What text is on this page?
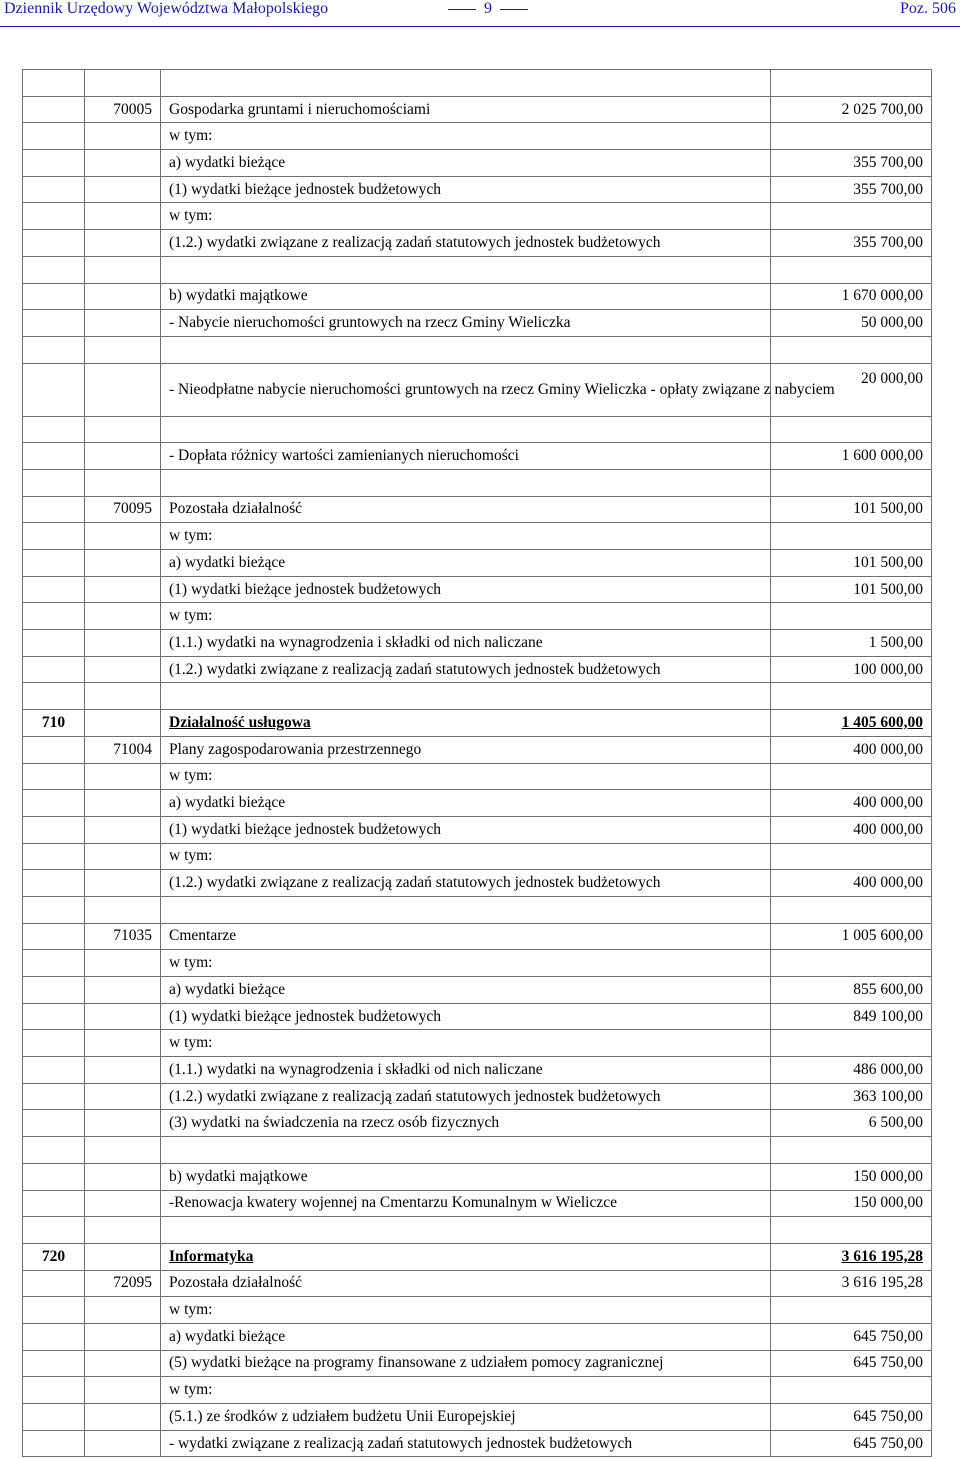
Dziennik Urzędowy Województwa Małopolskiego	9	Poz. 506

	70005	Gospodarka gruntami i nieruchomościami	2 025 700,00
		w tym:	
		a) wydatki bieżące	355 700,00
		(1) wydatki bieżące jednostek budżetowych	355 700,00
		w tym:	
		(1.2.) wydatki związane z realizacją zadań statutowych jednostek budżetowych	355 700,00

		b) wydatki majątkowe	1 670 000,00
		- Nabycie nieruchomości gruntowych na rzecz Gminy Wieliczka	50 000,00

		- Nieodpłatne nabycie nieruchomości gruntowych na rzecz Gminy Wieliczka - opłaty związane z nabyciem	20 000,00

		- Dopłata różnicy wartości zamienianych nieruchomości	1 600 000,00

	70095	Pozostała działalność	101 500,00
		w tym:	
		a) wydatki bieżące	101 500,00
		(1) wydatki bieżące jednostek budżetowych	101 500,00
		w tym:	
		(1.1.) wydatki na wynagrodzenia i składki od nich naliczane	1 500,00
		(1.2.) wydatki związane z realizacją zadań statutowych jednostek budżetowych	100 000,00

710		Działalność usługowa	1 405 600,00
	71004	Plany zagospodarowania przestrzennego	400 000,00
		w tym:	
		a) wydatki bieżące	400 000,00
		(1) wydatki bieżące jednostek budżetowych	400 000,00
		w tym:	
		(1.2.) wydatki związane z realizacją zadań statutowych jednostek budżetowych	400 000,00

	71035	Cmentarze	1 005 600,00
		w tym:	
		a) wydatki bieżące	855 600,00
		(1) wydatki bieżące jednostek budżetowych	849 100,00
		w tym:	
		(1.1.) wydatki na wynagrodzenia i składki od nich naliczane	486 000,00
		(1.2.) wydatki związane z realizacją zadań statutowych jednostek budżetowych	363 100,00
		(3) wydatki na świadczenia na rzecz osób fizycznych	6 500,00

		b) wydatki majątkowe	150 000,00
		-Renowacja kwatery wojennej na Cmentarzu Komunalnym w Wieliczce	150 000,00

720		Informatyka	3 616 195,28
	72095	Pozostała działalność	3 616 195,28
		w tym:	
		a) wydatki bieżące	645 750,00
		(5) wydatki bieżące na programy finansowane z udziałem pomocy zagranicznej	645 750,00
		w tym:	
		(5.1.) ze środków z udziałem budżetu Unii Europejskiej	645 750,00
		- wydatki związane z realizacją zadań statutowych jednostek budżetowych	645 750,00
